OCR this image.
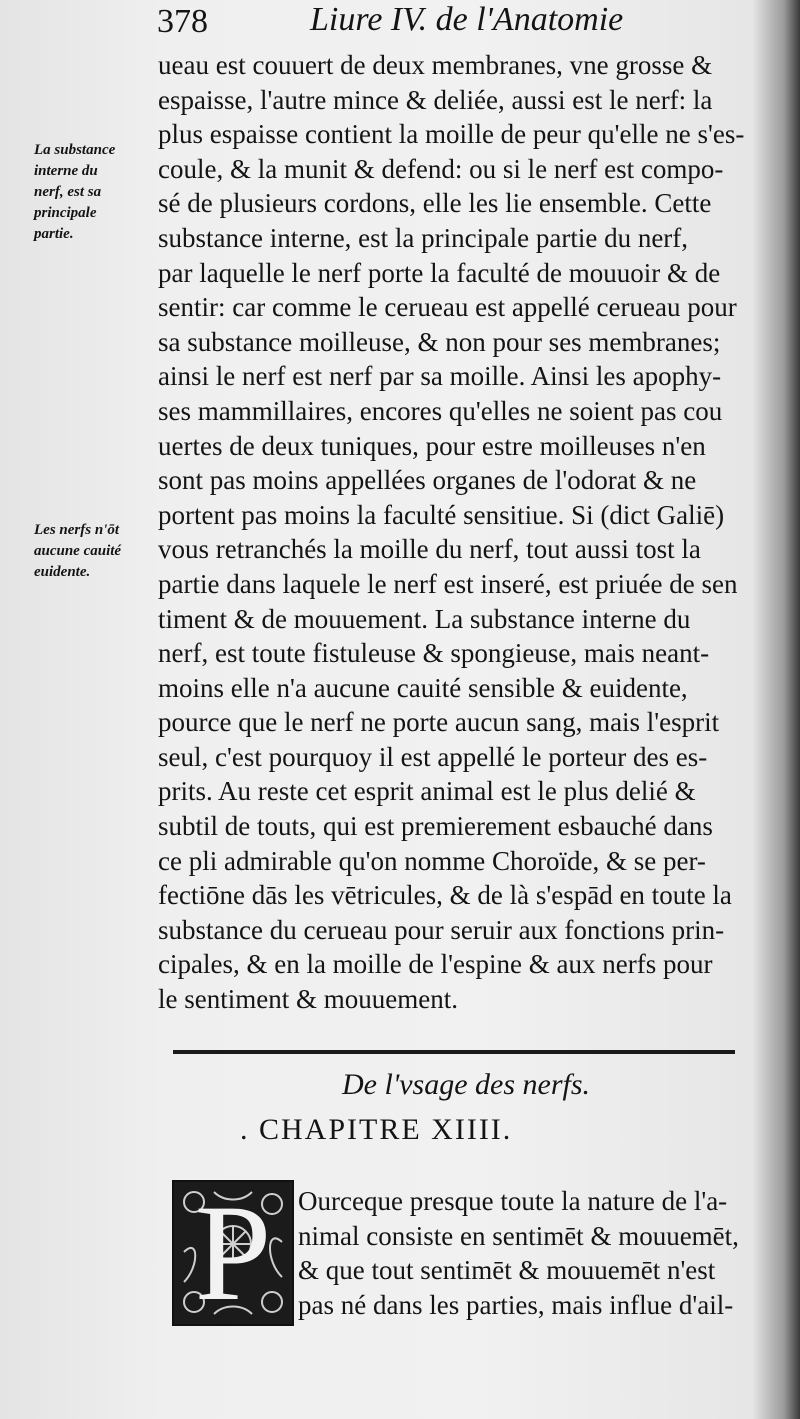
378	Liure IV. de l'Anatomie
La substance
interne du
nerf, est sa
principale
partie.
Les nerfs n'ōt
aucune cauité
euidente.
ueau est couuert de deux membranes, vne grosse &
espaisse, l'autre mince & deliée, aussi est le nerf: la
plus espaisse contient la moille de peur qu'elle ne s'es-
coule, & la munit & defend: ou si le nerf est compo-
sé de plusieurs cordons, elle les lie ensemble. Cette
substance interne, est la principale partie du nerf,
par laquelle le nerf porte la faculté de mouuoir & de
sentir: car comme le cerueau est appellé cerueau pour
sa substance moilleuse, & non pour ses membranes;
ainsi le nerf est nerf par sa moille. Ainsi les apophy-
ses mammillaires, encores qu'elles ne soient pas cou
uertes de deux tuniques, pour estre moilleuses n'en
sont pas moins appellées organes de l'odorat & ne
portent pas moins la faculté sensitiue. Si (dict Galiē)
vous retranchés la moille du nerf, tout aussi tost la
partie dans laquele le nerf est inseré, est priuée de sen
timent & de mouuement. La substance interne du
nerf, est toute fistuleuse & spongieuse, mais neant-
moins elle n'a aucune cauité sensible & euidente,
pource que le nerf ne porte aucun sang, mais l'esprit
seul, c'est pourquoy il est appellé le porteur des es-
prits. Au reste cet esprit animal est le plus delié &
subtil de touts, qui est premierement esbauché dans
ce pli admirable qu'on nomme Choroïde, & se per-
fectiōne dās les vētricules, & de là s'espād en toute la
substance du cerueau pour seruir aux fonctions prin-
cipales, & en la moille de l'espine & aux nerfs pour
le sentiment & mouuement.
De l'vsage des nerfs.
. CHAPITRE XIIII.
P Ourceque presque toute la nature de l'a-
nimal consiste en sentimēt & mouuemēt,
& que tout sentimēt & mouuemēt n'est
pas né dans les parties, mais influe d'ail-
